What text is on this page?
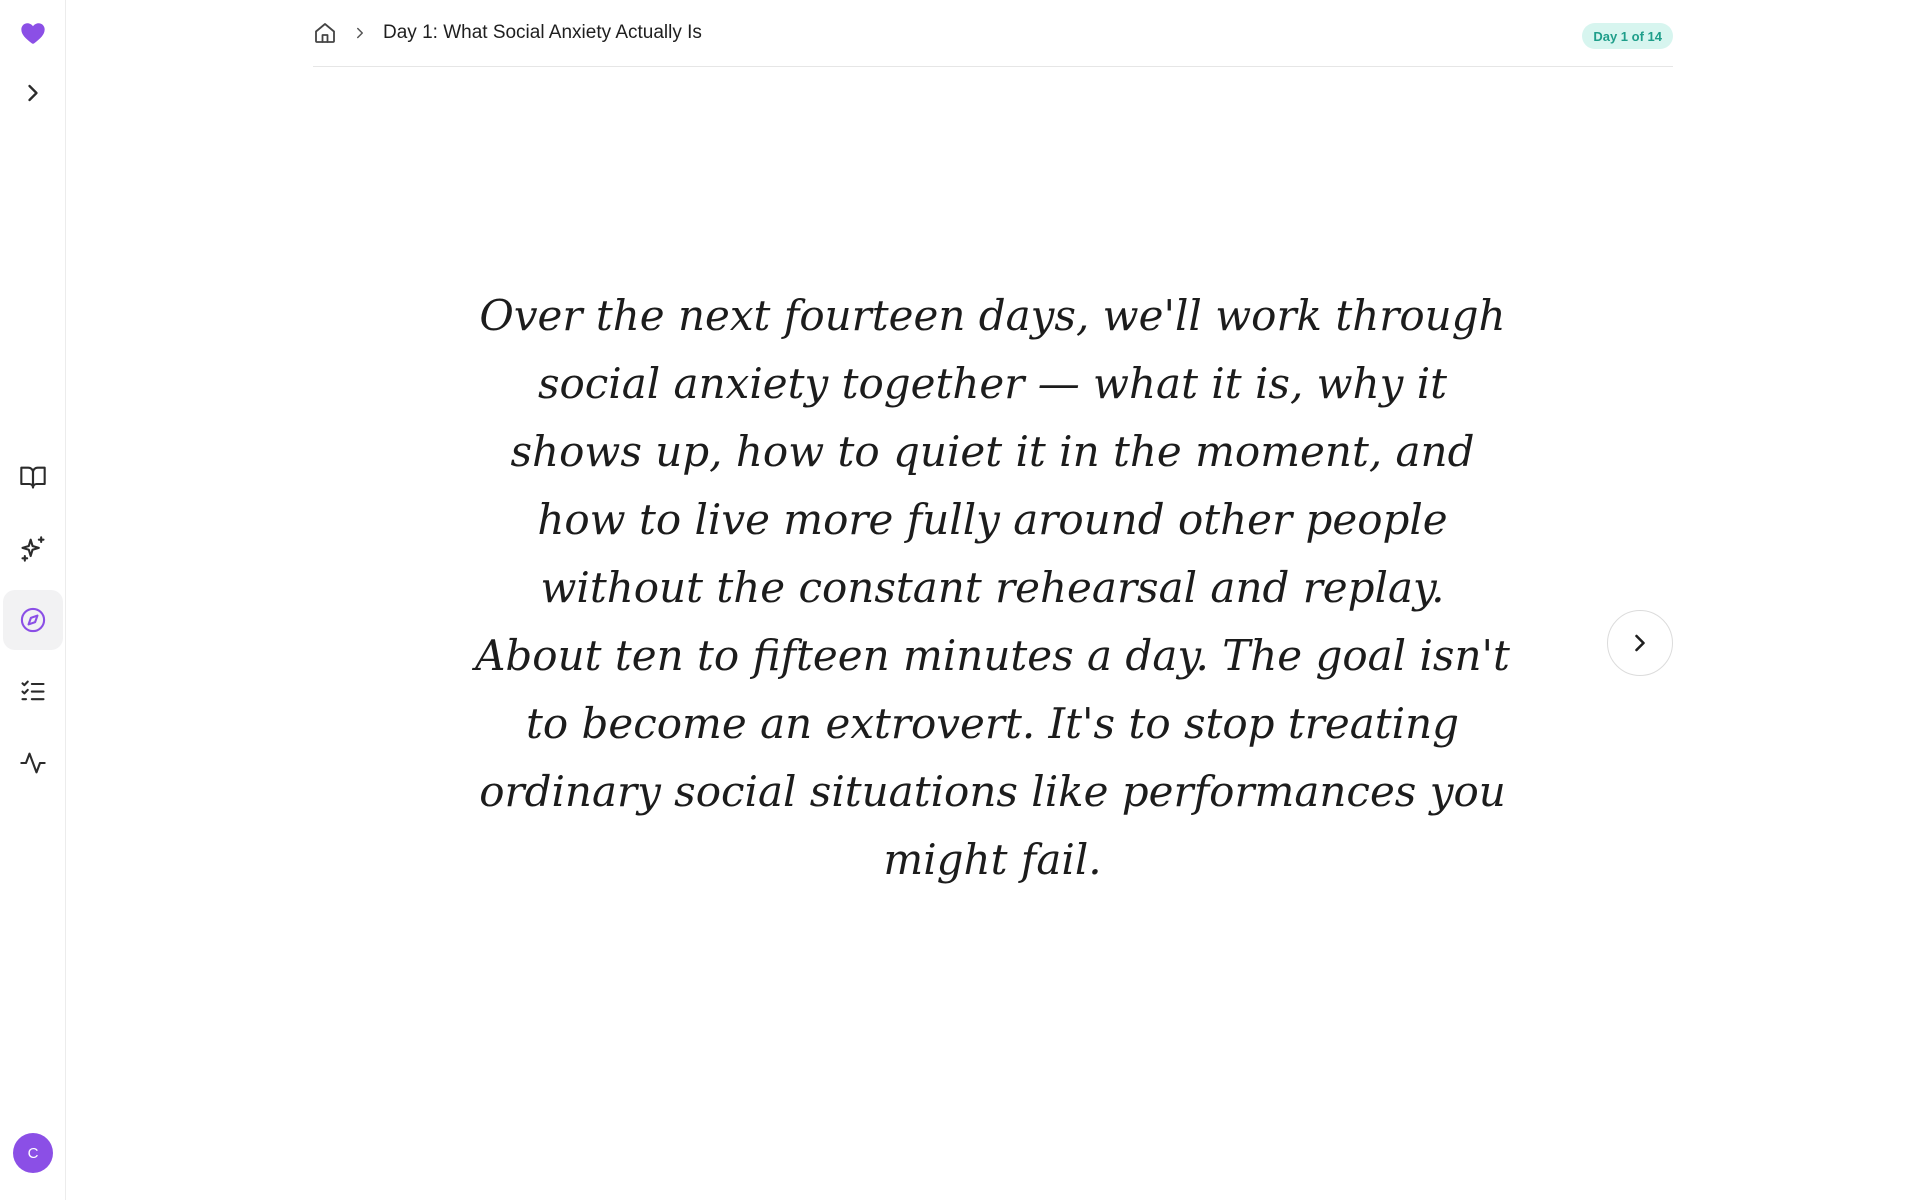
C
Day 1: What Social Anxiety Actually Is	Day 1 of 14

Over the next fourteen days, we'll work through social anxiety together — what it is, why it shows up, how to quiet it in the moment, and how to live more fully around other people without the constant rehearsal and replay. About ten to fifteen minutes a day. The goal isn't to become an extrovert. It's to stop treating ordinary social situations like performances you might fail.
